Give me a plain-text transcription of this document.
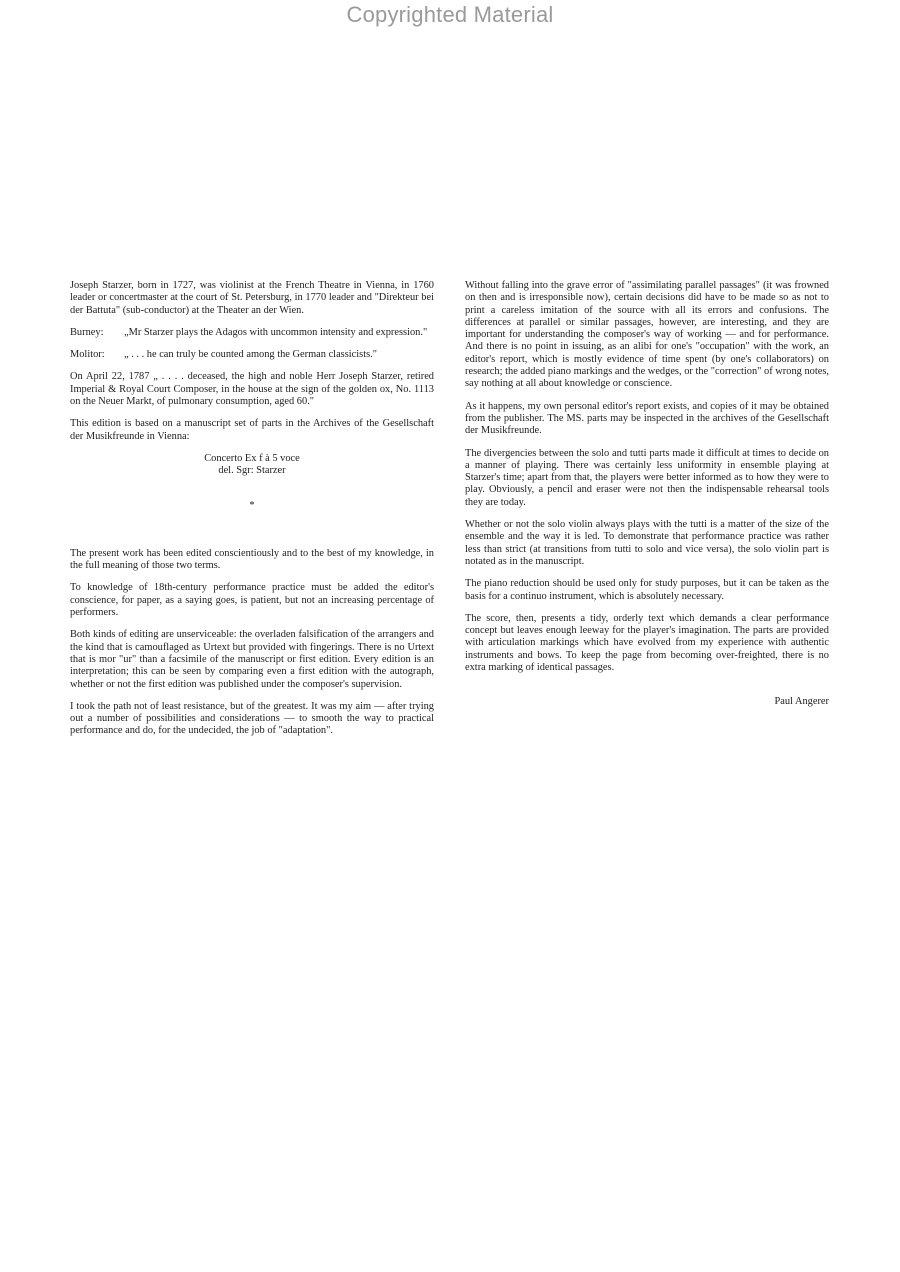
Copyrighted Material

Joseph Starzer, born in 1727, was violinist at the French Theatre in Vienna, in 1760 leader or concertmaster at the court of St. Petersburg, in 1770 leader and "Direkteur bei der Battuta" (sub-conductor) at the Theater an der Wien.

Burney:	„Mr Starzer plays the Adagos with uncommon intensity and expression."
Molitor:	„ . . . he can truly be counted among the German classicists."

On April 22, 1787 „ . . . . deceased, the high and noble Herr Joseph Starzer, retired Imperial & Royal Court Composer, in the house at the sign of the golden ox, No. 1113 on the Neuer Markt, of pulmonary consumption, aged 60."

This edition is based on a manuscript set of parts in the Archives of the Gesellschaft der Musikfreunde in Vienna:

Concerto Ex f à 5 voce
del. Sgr: Starzer
*

The present work has been edited conscientiously and to the best of my knowledge, in the full meaning of those two terms.

To knowledge of 18th-century performance practice must be added the editor's conscience, for paper, as a saying goes, is patient, but not an increasing percentage of performers.

Both kinds of editing are unserviceable: the overladen falsification of the arrangers and the kind that is camouflaged as Urtext but provided with fingerings. There is no Urtext that is mor "ur" than a facsimile of the manuscript or first edition. Every edition is an interpretation; this can be seen by comparing even a first edition with the autograph, whether or not the first edition was published under the composer's supervision.

I took the path not of least resistance, but of the greatest. It was my aim — after trying out a number of possibilities and considerations — to smooth the way to practical performance and do, for the undecided, the job of "adaptation".

Without falling into the grave error of "assimilating parallel passages" (it was frowned on then and is irresponsible now), certain decisions did have to be made so as not to print a careless imitation of the source with all its errors and confusions. The differences at parallel or similar passages, however, are interesting, and they are important for understanding the composer's way of working — and for performance. And there is no point in issuing, as an alibi for one's "occupation" with the work, an editor's report, which is mostly evidence of time spent (by one's collaborators) on research; the added piano markings and the wedges, or the "correction" of wrong notes, say nothing at all about knowledge or conscience.

As it happens, my own personal editor's report exists, and copies of it may be obtained from the publisher. The MS. parts may be inspected in the archives of the Gesellschaft der Musikfreunde.

The divergencies between the solo and tutti parts made it difficult at times to decide on a manner of playing. There was certainly less uniformity in ensemble playing at Starzer's time; apart from that, the players were better informed as to how they were to play. Obviously, a pencil and eraser were not then the indispensable rehearsal tools they are today.

Whether or not the solo violin always plays with the tutti is a matter of the size of the ensemble and the way it is led. To demonstrate that performance practice was rather less than strict (at transitions from tutti to solo and vice versa), the solo violin part is notated as in the manuscript.

The piano reduction should be used only for study purposes, but it can be taken as the basis for a continuo instrument, which is absolutely necessary.

The score, then, presents a tidy, orderly text which demands a clear performance concept but leaves enough leeway for the player's imagination. The parts are provided with articulation markings which have evolved from my experience with authentic instruments and bows. To keep the page from becoming over-freighted, there is no extra marking of identical passages.

Paul Angerer
